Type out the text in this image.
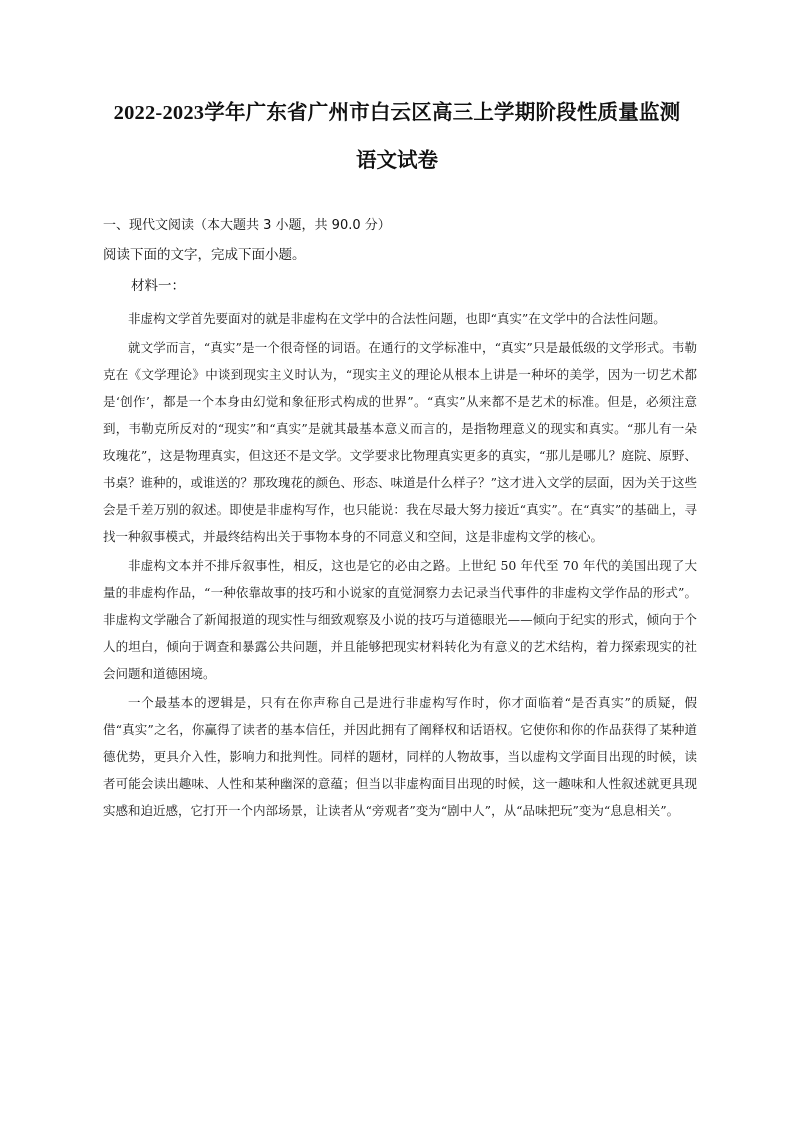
2022-2023学年广东省广州市白云区高三上学期阶段性质量监测
语文试卷
一、现代文阅读（本大题共 3 小题，共 90.0 分）
阅读下面的文字，完成下面小题。
材料一：

非虚构文学首先要面对的就是非虚构在文学中的合法性问题，也即“真实”在文学中的合法性问题。

就文学而言，“真实”是一个很奇怪的词语。在通行的文学标准中，“真实”只是最低级的文学形式。韦勒克在《文学理论》中谈到现实主义时认为，“现实主义的理论从根本上讲是一种坏的美学，因为一切艺术都是‘创作’，都是一个本身由幻觉和象征形式构成的世界”。“真实”从来都不是艺术的标准。但是，必须注意到，韦勒克所反对的“现实”和“真实”是就其最基本意义而言的，是指物理意义的现实和真实。“那儿有一朵玫瑰花”，这是物理真实，但这还不是文学。文学要求比物理真实更多的真实，“那儿是哪儿？庭院、原野、书桌？谁种的，或谁送的？那玫瑰花的颜色、形态、味道是什么样子？”这才进入文学的层面，因为关于这些会是千差万别的叙述。即使是非虚构写作，也只能说：我在尽最大努力接近“真实”。在“真实”的基础上，寻找一种叙事模式，并最终结构出关于事物本身的不同意义和空间，这是非虚构文学的核心。

非虚构文本并不排斥叙事性，相反，这也是它的必由之路。上世纪 50 年代至 70 年代的美国出现了大量的非虚构作品，“一种依靠故事的技巧和小说家的直觉洞察力去记录当代事件的非虚构文学作品的形式”。非虚构文学融合了新闻报道的现实性与细致观察及小说的技巧与道德眼光——倾向于纪实的形式，倾向于个人的坦白，倾向于调查和暴露公共问题，并且能够把现实材料转化为有意义的艺术结构，着力探索现实的社会问题和道德困境。

一个最基本的逻辑是，只有在你声称自己是进行非虚构写作时，你才面临着“是否真实”的质疑，假借“真实”之名，你赢得了读者的基本信任，并因此拥有了阐释权和话语权。它使你和你的作品获得了某种道德优势，更具介入性，影响力和批判性。同样的题材，同样的人物故事，当以虚构文学面目出现的时候，读者可能会读出趣味、人性和某种幽深的意蕴；但当以非虚构面目出现的时候，这一趣味和人性叙述就更具现实感和迫近感，它打开一个内部场景，让读者从“旁观者”变为“剧中人”，从“品味把玩”变为“息息相关”。
